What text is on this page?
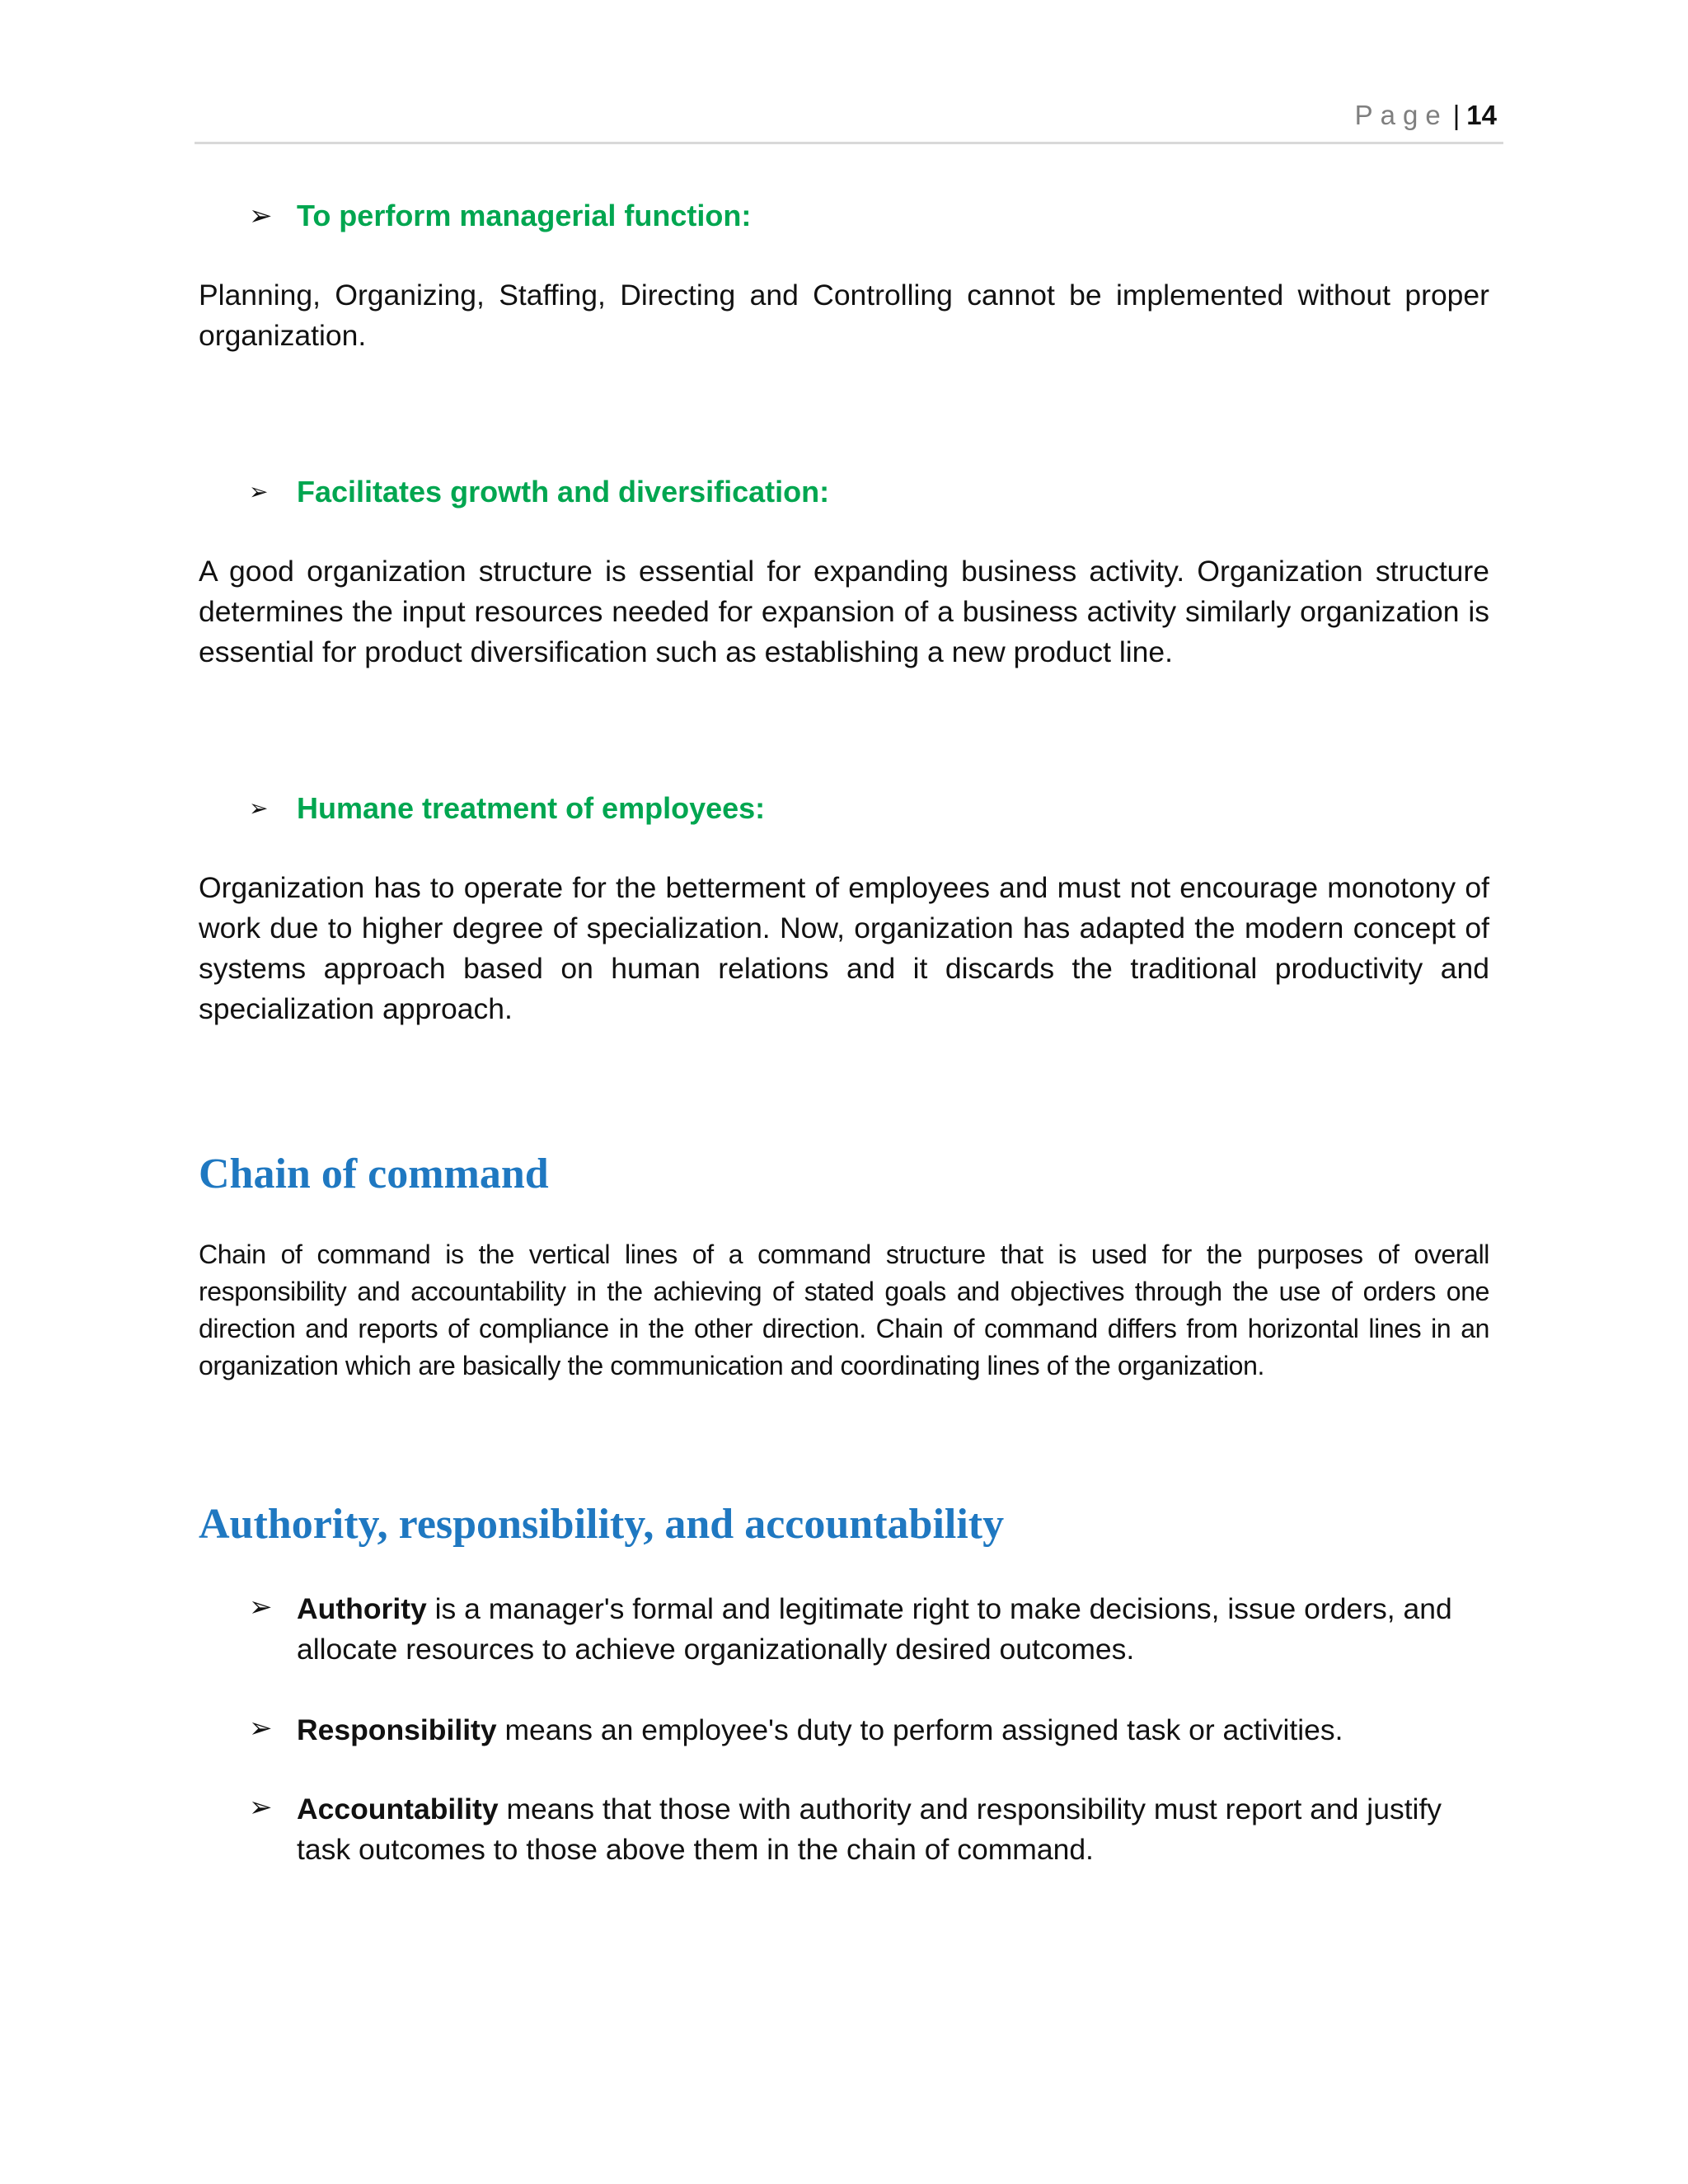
Page | 14
➢ To perform managerial function:

Planning, Organizing, Staffing, Directing and Controlling cannot be implemented without proper organization.

➢ Facilitates growth and diversification:

A good organization structure is essential for expanding business activity. Organization structure determines the input resources needed for expansion of a business activity similarly organization is essential for product diversification such as establishing a new product line.

➢ Humane treatment of employees:

Organization has to operate for the betterment of employees and must not encourage monotony of work due to higher degree of specialization. Now, organization has adapted the modern concept of systems approach based on human relations and it discards the traditional productivity and specialization approach.

Chain of command

Chain of command is the vertical lines of a command structure that is used for the purposes of overall responsibility and accountability in the achieving of stated goals and objectives through the use of orders one direction and reports of compliance in the other direction. Chain of command differs from horizontal lines in an organization which are basically the communication and coordinating lines of the organization.

Authority, responsibility, and accountability
➢ Authority is a manager's formal and legitimate right to make decisions, issue orders, and allocate resources to achieve organizationally desired outcomes.

➢ Responsibility means an employee's duty to perform assigned task or activities.

➢ Accountability means that those with authority and responsibility must report and justify task outcomes to those above them in the chain of command.
